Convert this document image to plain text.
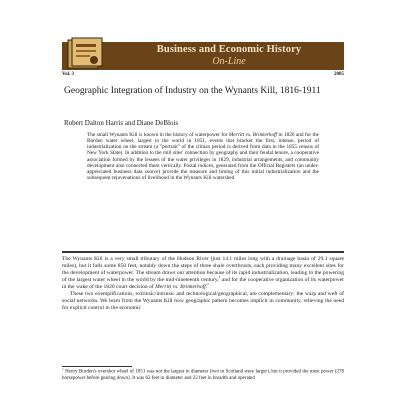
Business and Economic History
On-Line
Vol. 3	2005
Geographic Integration of Industry on the Wynants Kill, 1816-1911
Robert Dalton Harris and Diane DeBlois

The small Wynants Kill is known in the history of waterpower for Merritt vs. Brinkerhoff in 1820 and for the Burden water wheel, largest in the world in 1851, events that bracket the first, intense, period of industrialization on the stream (a "portrait" of the climax period is derived from data in the 1855 census of New York State). In addition to the mill sites' connection by geography and their feudal tenure, a cooperative association formed by the lessees of the water privileges in 1829, industrial arrangements, and community development also connected them vertically. Postal indices, generated from the Official Registers (an under-appreciated business data source) provide the measure and timing of this initial industrialization and the subsequent rejuvenations of livelihood in the Wynants Kill watershed.

The Wynants Kill is a very small tributary of the Hudson River (just 14.1 miles long with a drainage basin of 29.1 square miles), but it falls some 850 feet, notably down the steps of three shale overthrusts, each providing many excellent sites for the development of waterpower. The stream draws our attention because of its rapid industrialization, leading to the powering of the largest water wheel in the world by the mid-nineteenth century,$^1$ and for the cooperative organization of its waterpower in the wake of the 1820 court decision of Merritt vs. Brinkerhoff.$^2$

These two exemplifications, extrinsic/intrinsic and technological/geographical, are complementary: the warp and weft of social networks. We learn from the Wynants Kill how geographic pattern becomes implicit in community, relieving the need for explicit control in the economic

$^1$ Henry Burden's overshot wheel of 1851 was not the largest in diameter (two in Scotland were larger), but it provided the most power (278 horsepower before gearing down). It was 62 feet in diameter and 22 feet in breadth and operated
